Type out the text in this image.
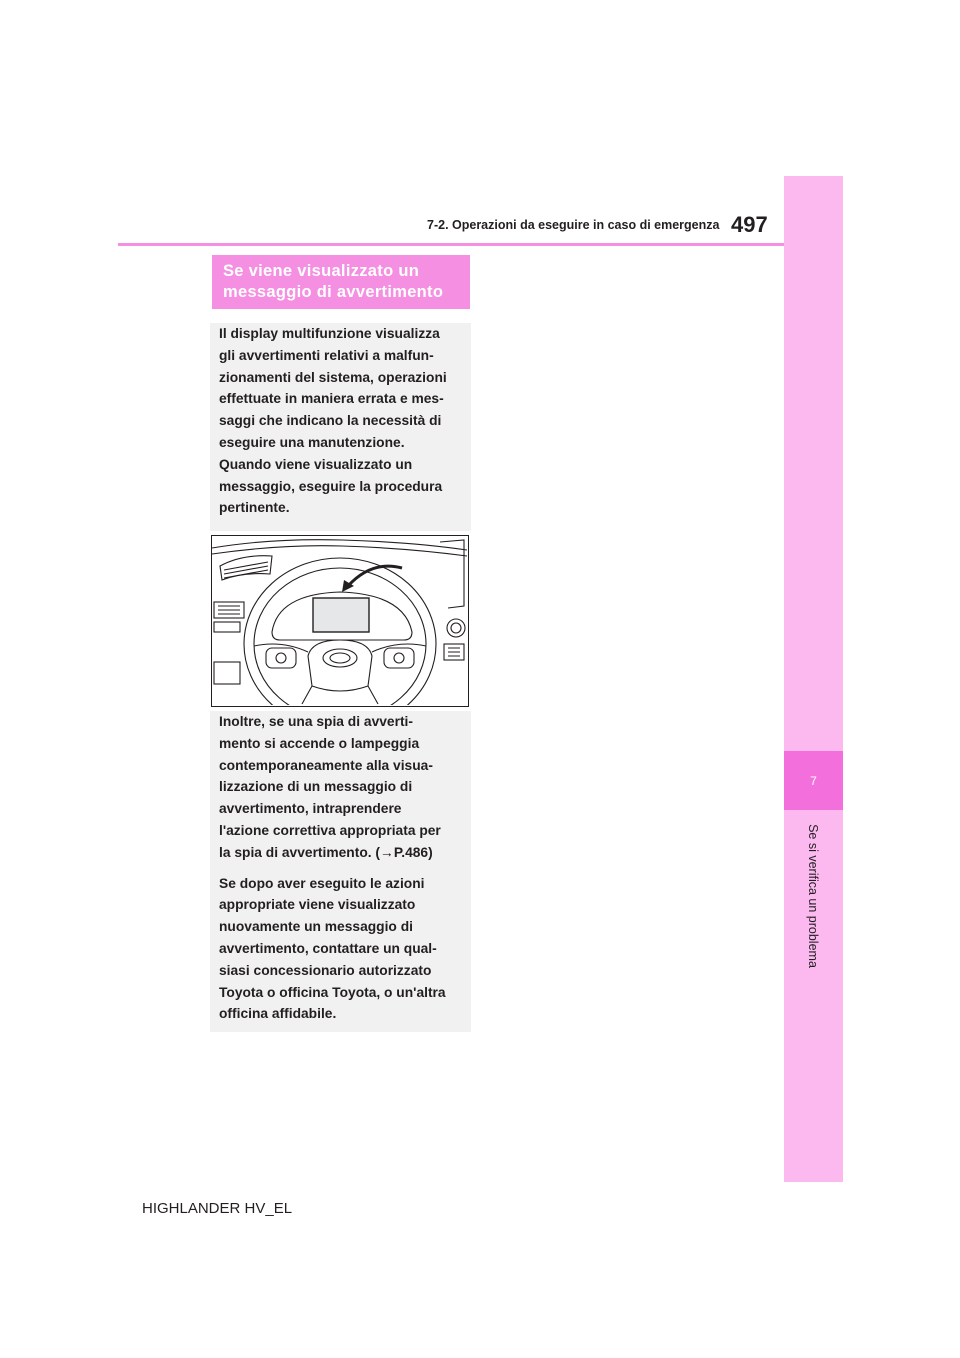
7
Se si verifica un problema
7-2. Operazioni da eseguire in caso di emergenza 497
Se viene visualizzato un
messaggio di avvertimento

Il display multifunzione visualizza
gli avvertimenti relativi a malfun-
zionamenti del sistema, operazioni
effettuate in maniera errata e mes-
saggi che indicano la necessità di
eseguire una manutenzione.
Quando viene visualizzato un
messaggio, eseguire la procedura
pertinente.

Inoltre, se una spia di avverti-
mento si accende o lampeggia
contemporaneamente alla visua-
lizzazione di un messaggio di
avvertimento, intraprendere
l'azione correttiva appropriata per
la spia di avvertimento. (→P.486)

Se dopo aver eseguito le azioni
appropriate viene visualizzato
nuovamente un messaggio di
avvertimento, contattare un qual-
siasi concessionario autorizzato
Toyota o officina Toyota, o un'altra
officina affidabile.

HIGHLANDER HV_EL
